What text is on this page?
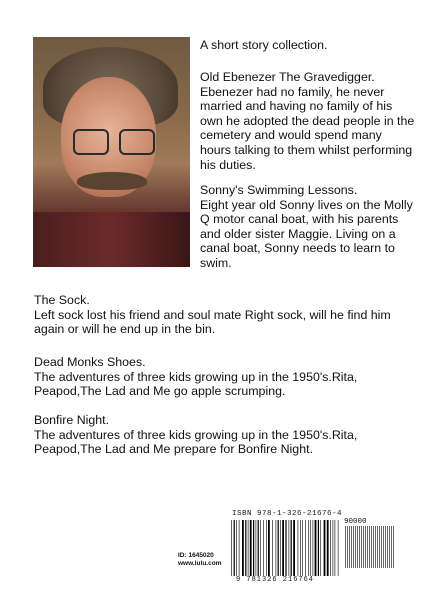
A short story collection.

Old Ebenezer The Gravedigger.

Ebenezer had no family, he never married and having no family of his own he adopted the dead people in the cemetery and would spend many hours talking to them whilst performing his duties.

Sonny's Swimming Lessons.

Eight year old Sonny lives on the Molly Q motor canal boat, with his parents and older sister Maggie. Living on a canal boat, Sonny needs to learn to swim.

The Sock.

Left sock lost his friend and soul mate Right sock, will he find him again or will he end up in the bin.

Dead Monks Shoes.

The adventures of three kids growing up in the 1950's.Rita, Peapod,The Lad and Me go apple scrumping.

Bonfire Night.

The adventures of three kids growing up in the 1950's.Rita, Peapod,The Lad and Me prepare for Bonfire Night.

ID: 1645020
www.lulu.com
ISBN 978-1-326-21676-4
90000
9 781326 216764
